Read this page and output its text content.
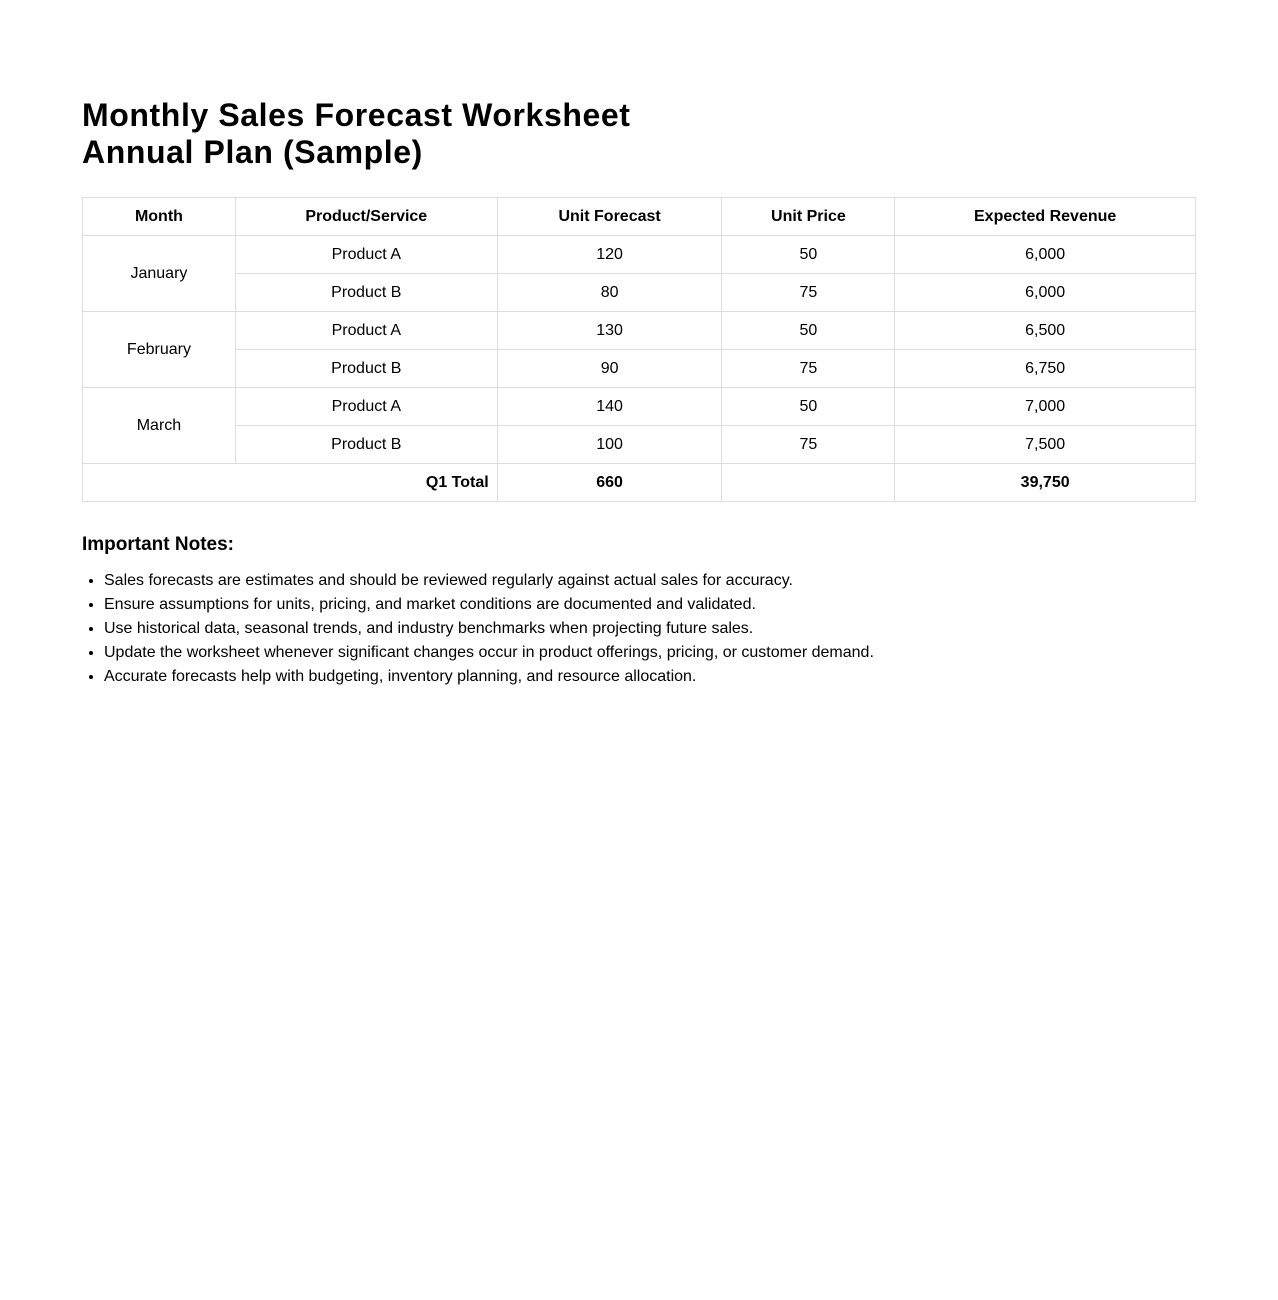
Monthly Sales Forecast Worksheet
Annual Plan (Sample)
Month	Product/Service	Unit Forecast	Unit Price	Expected Revenue
January	Product A	120	50	6,000
	Product B	80	75	6,000
February	Product A	130	50	6,500
	Product B	90	75	6,750
March	Product A	140	50	7,000
	Product B	100	75	7,500
Q1 Total		660		39,750
Important Notes:
• Sales forecasts are estimates and should be reviewed regularly against actual sales for accuracy.
• Ensure assumptions for units, pricing, and market conditions are documented and validated.
• Use historical data, seasonal trends, and industry benchmarks when projecting future sales.
• Update the worksheet whenever significant changes occur in product offerings, pricing, or customer demand.
• Accurate forecasts help with budgeting, inventory planning, and resource allocation.
